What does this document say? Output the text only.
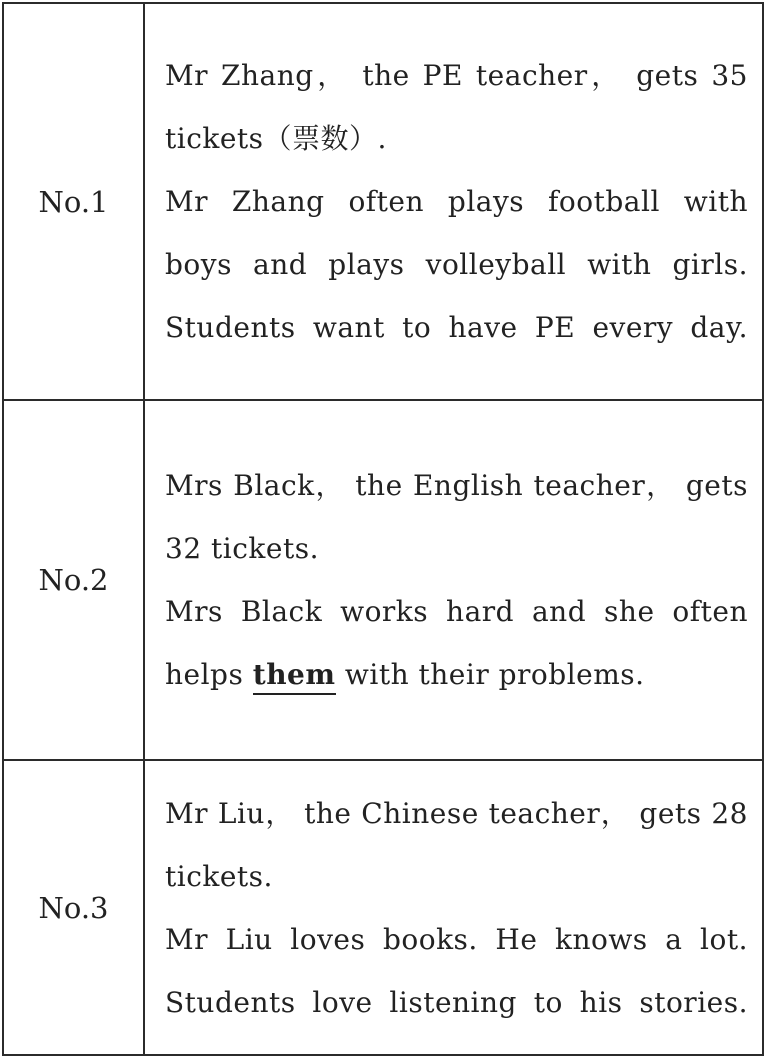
No.1
Mr Zhang， the PE teacher， gets 35
tickets（票数）.
Mr Zhang often plays football with
boys and plays volleyball with girls.
Students want to have PE every day.
No.2
Mrs Black， the English teacher， gets
32 tickets.
Mrs Black works hard and she often
helps them with their problems.
No.3
Mr Liu， the Chinese teacher， gets 28
tickets.
Mr Liu loves books. He knows a lot.
Students love listening to his stories.
